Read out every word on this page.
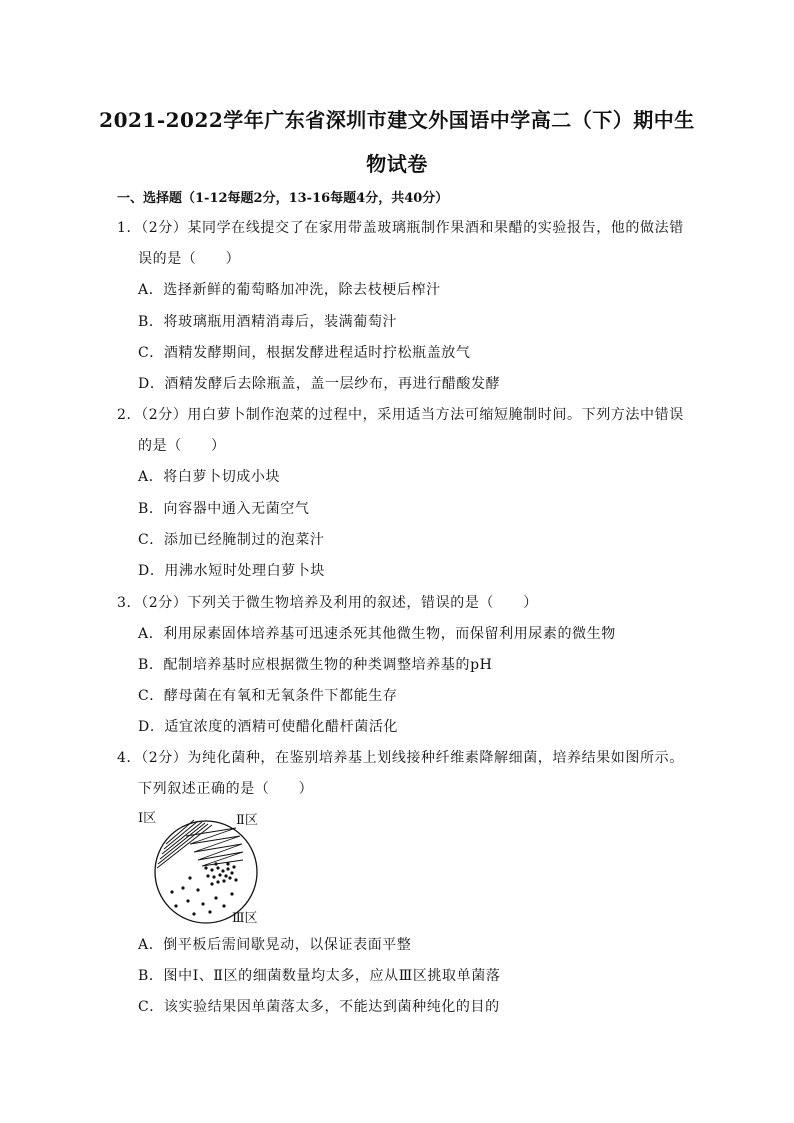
2021-2022学年广东省深圳市建文外国语中学高二（下）期中生
物试卷
一、选择题（1-12每题2分，13-16每题4分，共40分）
1．（2分）某同学在线提交了在家用带盖玻璃瓶制作果酒和果醋的实验报告，他的做法错
误的是（　　）
A．选择新鲜的葡萄略加冲洗，除去枝梗后榨汁
B．将玻璃瓶用酒精消毒后，装满葡萄汁
C．酒精发酵期间，根据发酵进程适时拧松瓶盖放气
D．酒精发酵后去除瓶盖，盖一层纱布，再进行醋酸发酵
2．（2分）用白萝卜制作泡菜的过程中，采用适当方法可缩短腌制时间。下列方法中错误
的是（　　）
A．将白萝卜切成小块
B．向容器中通入无菌空气
C．添加已经腌制过的泡菜汁
D．用沸水短时处理白萝卜块
3．（2分）下列关于微生物培养及利用的叙述，错误的是（　　）
A．利用尿素固体培养基可迅速杀死其他微生物，而保留利用尿素的微生物
B．配制培养基时应根据微生物的种类调整培养基的pH
C．酵母菌在有氧和无氧条件下都能生存
D．适宜浓度的酒精可使醋化醋杆菌活化
4．（2分）为纯化菌种，在鉴别培养基上划线接种纤维素降解细菌，培养结果如图所示。
下列叙述正确的是（　　）
Ⅰ区	Ⅱ区
Ⅲ区
A．倒平板后需间歇晃动，以保证表面平整
B．图中Ⅰ、Ⅱ区的细菌数量均太多，应从Ⅲ区挑取单菌落
C．该实验结果因单菌落太多，不能达到菌种纯化的目的
